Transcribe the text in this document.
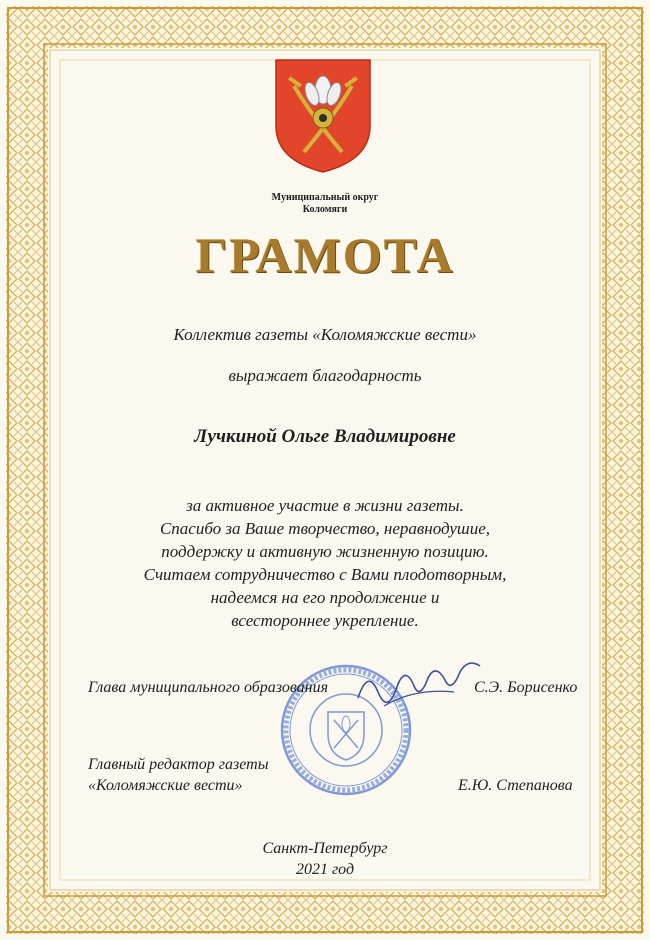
Муниципальный округ
Коломяги
ГРАМОТА
Коллектив газеты «Коломяжские вести»
выражает благодарность
Лучкиной Ольге Владимировне
за активное участие в жизни газеты.
Спасибо за Ваше творчество, неравнодушие,
поддержку и активную жизненную позицию.
Считаем сотрудничество с Вами плодотворным,
надеемся на его продолжение и
всестороннее укрепление.
Глава муниципального образования	С.Э. Борисенко
Главный редактор газеты
«Коломяжские вести»	Е.Ю. Степанова
Санкт-Петербург
2021 год
